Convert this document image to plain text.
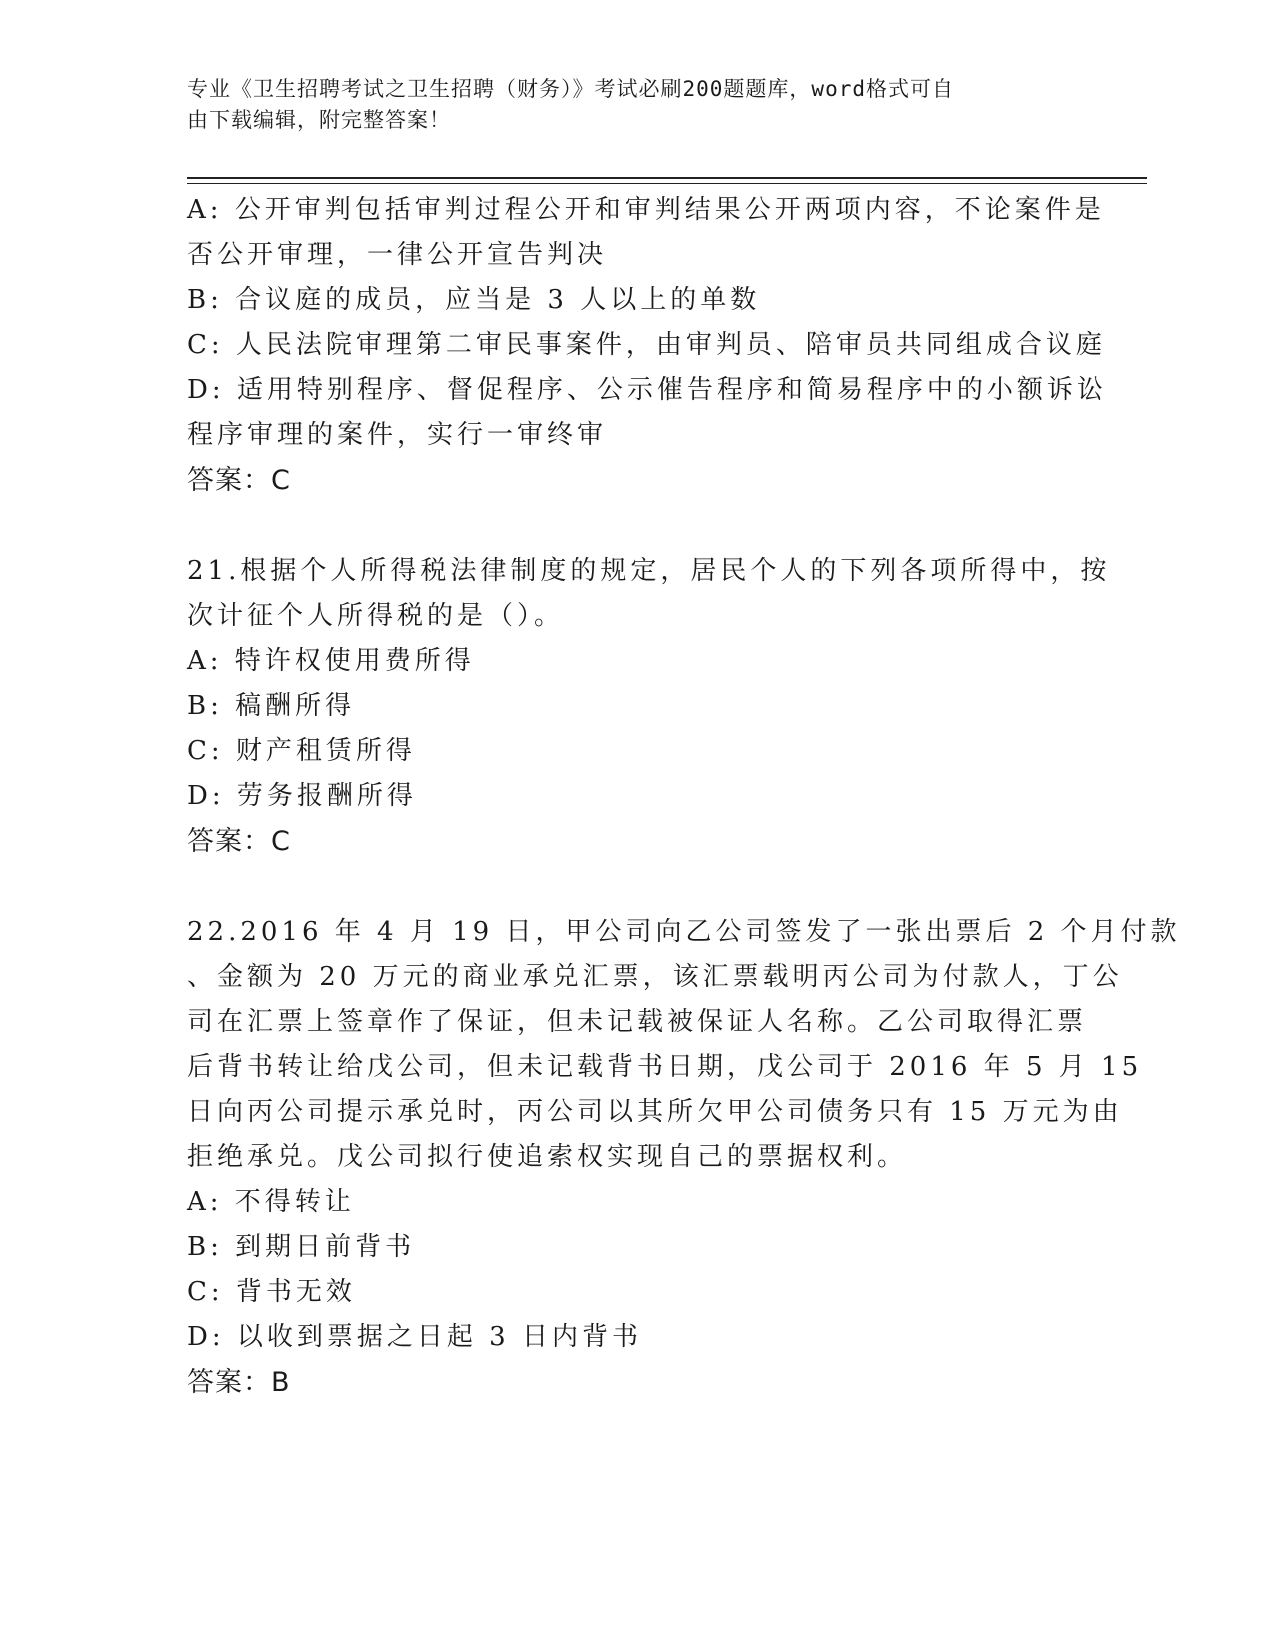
专业《卫生招聘考试之卫生招聘（财务）》考试必刷200题题库，word格式可自
由下载编辑，附完整答案！
A: 公开审判包括审判过程公开和审判结果公开两项内容，不论案件是
否公开审理，一律公开宣告判决
B: 合议庭的成员，应当是 3 人以上的单数
C: 人民法院审理第二审民事案件，由审判员、陪审员共同组成合议庭
D: 适用特别程序、督促程序、公示催告程序和简易程序中的小额诉讼
程序审理的案件，实行一审终审
答案：C
21.根据个人所得税法律制度的规定，居民个人的下列各项所得中，按
次计征个人所得税的是（）。
A: 特许权使用费所得
B: 稿酬所得
C: 财产租赁所得
D: 劳务报酬所得
答案：C
22.2016 年 4 月 19 日，甲公司向乙公司签发了一张出票后 2 个月付款
、金额为 20 万元的商业承兑汇票，该汇票载明丙公司为付款人，丁公
司在汇票上签章作了保证，但未记载被保证人名称。乙公司取得汇票
后背书转让给戊公司，但未记载背书日期，戊公司于 2016 年 5 月 15
日向丙公司提示承兑时，丙公司以其所欠甲公司债务只有 15 万元为由
拒绝承兑。戊公司拟行使追索权实现自己的票据权利。
A: 不得转让
B: 到期日前背书
C: 背书无效
D: 以收到票据之日起 3 日内背书
答案：B
